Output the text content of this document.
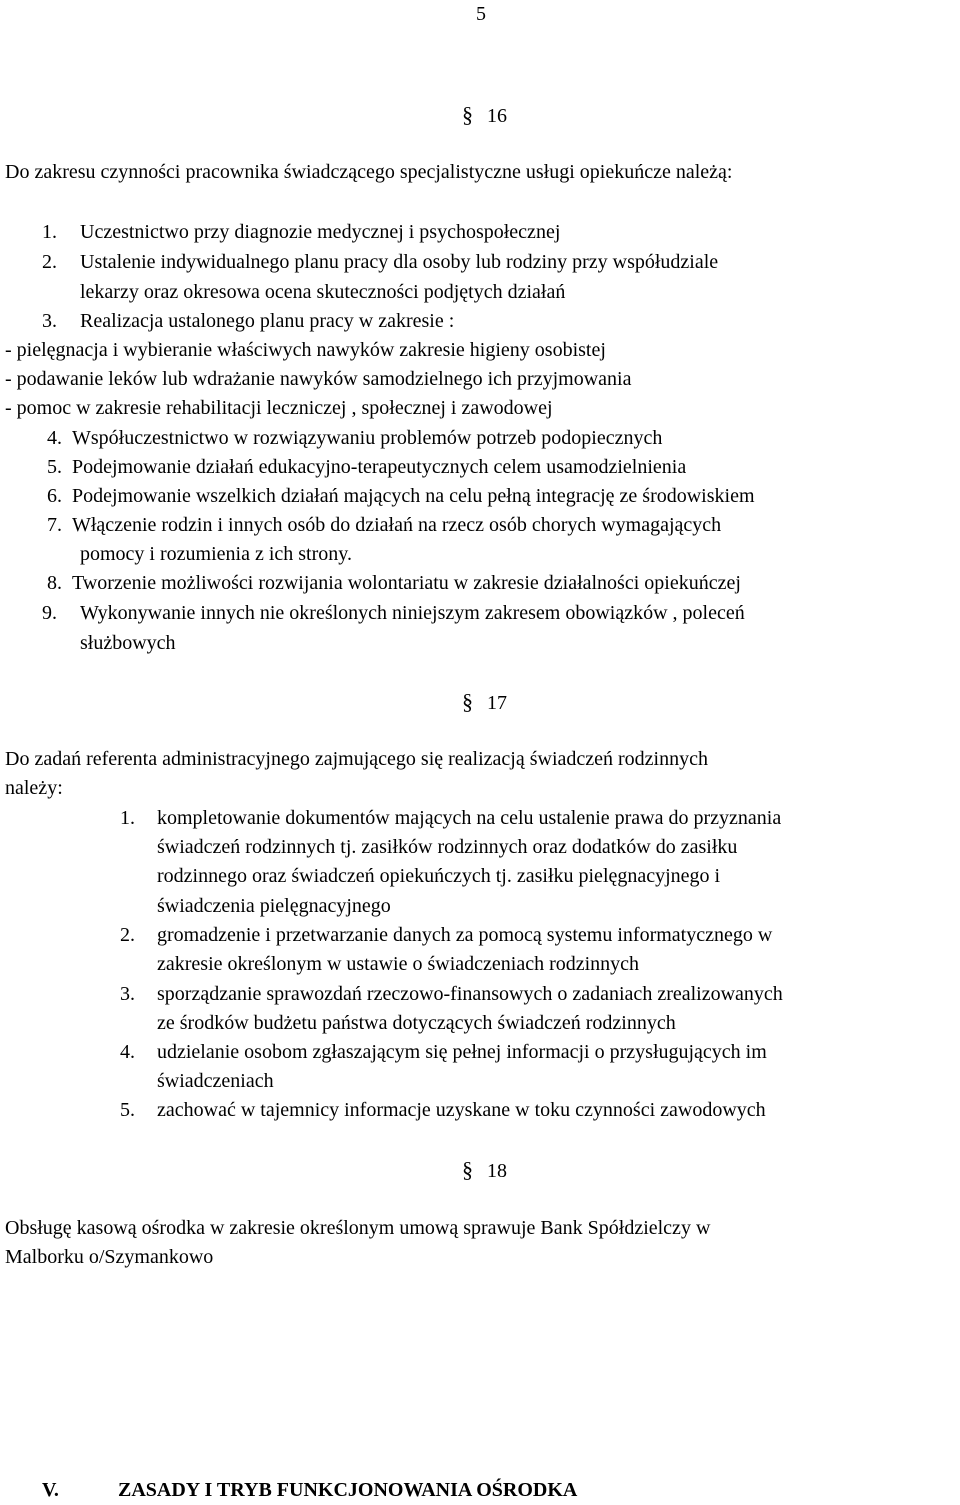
5
§ 16
Do zakresu czynności pracownika świadczącego specjalistyczne usługi opiekuńcze należą:
1. Uczestnictwo przy diagnozie medycznej i psychospołecznej
2. Ustalenie indywidualnego planu pracy dla osoby lub rodziny przy współudziale
lekarzy oraz okresowa ocena skuteczności podjętych działań
3. Realizacja ustalonego planu pracy w zakresie :
- pielęgnacja i wybieranie właściwych nawyków zakresie higieny osobistej
- podawanie leków lub wdrażanie nawyków samodzielnego ich przyjmowania
- pomoc w zakresie rehabilitacji leczniczej , społecznej i zawodowej
4. Współuczestnictwo w rozwiązywaniu problemów potrzeb podopiecznych
5. Podejmowanie działań edukacyjno-terapeutycznych celem usamodzielnienia
6. Podejmowanie wszelkich działań mających na celu pełną integrację ze środowiskiem
7. Włączenie rodzin i innych osób do działań na rzecz osób chorych wymagających
pomocy i rozumienia z ich strony.
8. Tworzenie możliwości rozwijania wolontariatu w zakresie działalności opiekuńczej
9. Wykonywanie innych nie określonych niniejszym zakresem obowiązków , poleceń
służbowych
§ 17
Do zadań referenta administracyjnego zajmującego się realizacją świadczeń rodzinnych
należy:
1. kompletowanie dokumentów mających na celu ustalenie prawa do przyznania
świadczeń rodzinnych tj. zasiłków rodzinnych oraz dodatków do zasiłku
rodzinnego oraz świadczeń opiekuńczych tj. zasiłku pielęgnacyjnego i
świadczenia pielęgnacyjnego
2. gromadzenie i przetwarzanie danych za pomocą systemu informatycznego w
zakresie określonym w ustawie o świadczeniach rodzinnych
3. sporządzanie sprawozdań rzeczowo-finansowych o zadaniach zrealizowanych
ze środków budżetu państwa dotyczących świadczeń rodzinnych
4. udzielanie osobom zgłaszającym się pełnej informacji o przysługujących im
świadczeniach
5. zachować w tajemnicy informacje uzyskane w toku czynności zawodowych
§ 18
Obsługę kasową ośrodka w zakresie określonym umową sprawuje Bank Spółdzielczy w
Malborku o/Szymankowo
V.	ZASADY I TRYB FUNKCJONOWANIA OŚRODKA
